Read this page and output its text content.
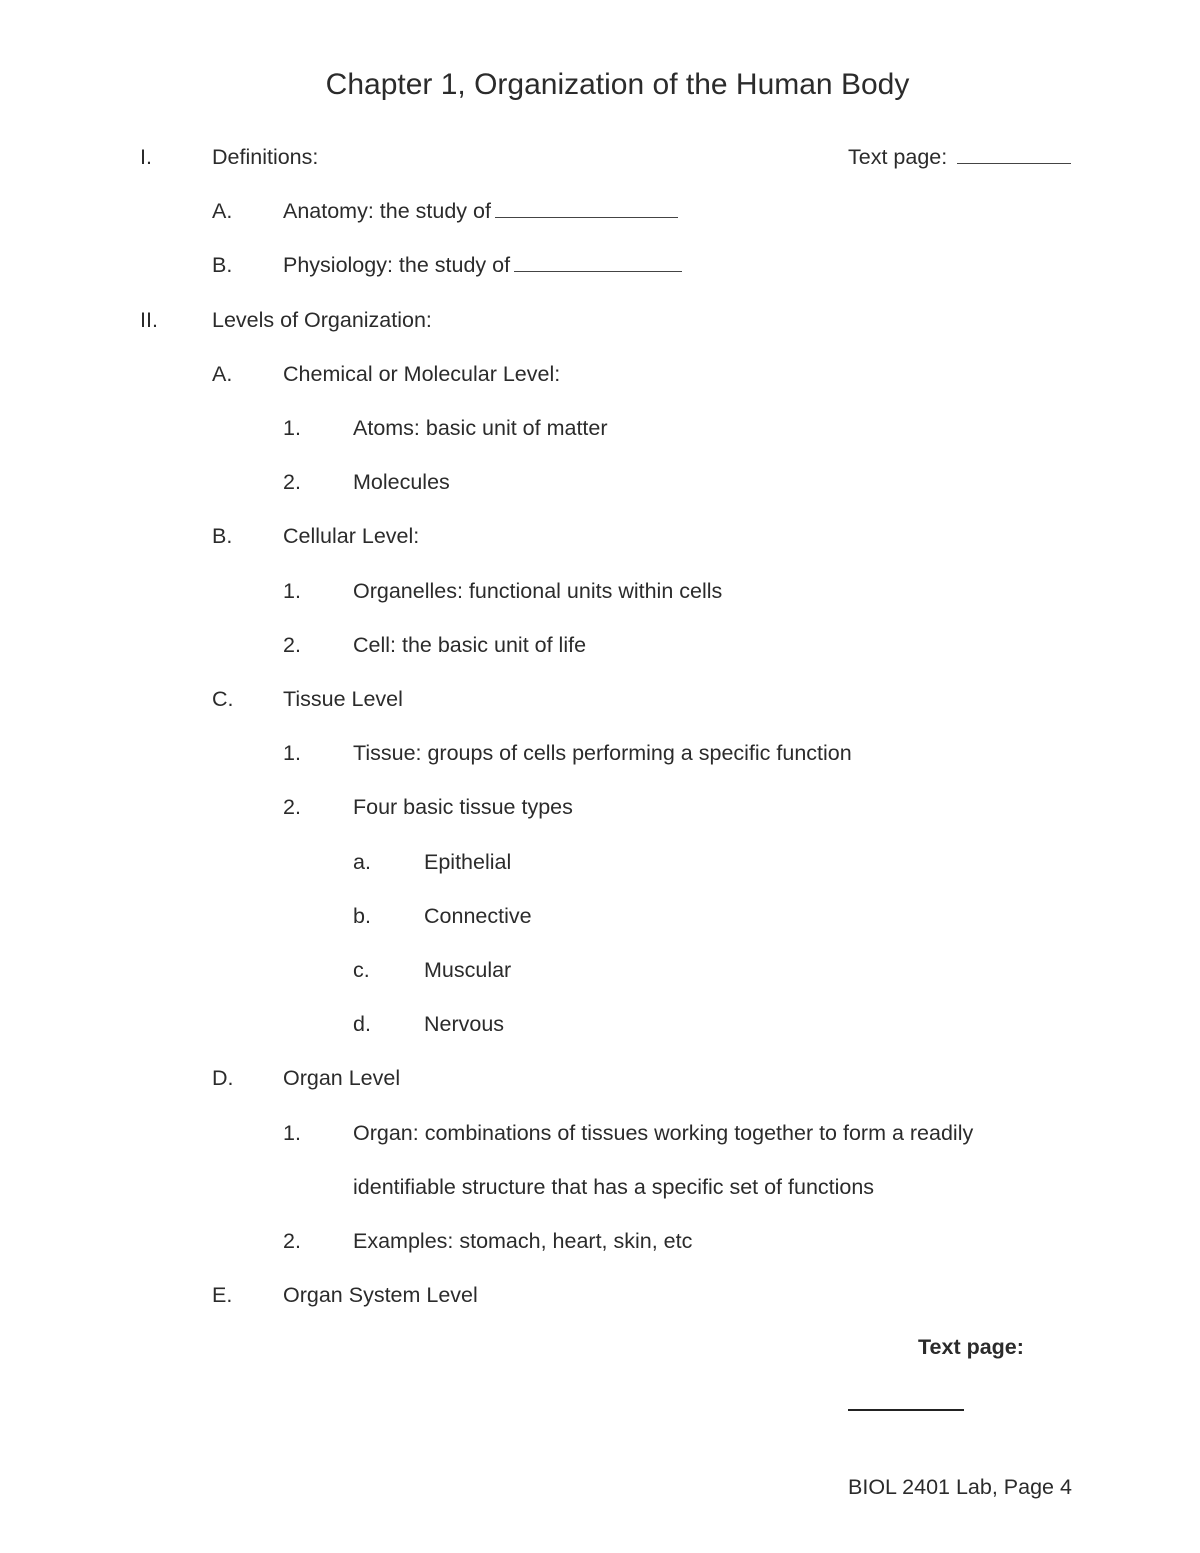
Chapter 1, Organization of the Human Body
Text page:
I.	Definitions:
A. Anatomy: the study of
B. Physiology: the study of
II.	Levels of Organization:
A. Chemical or Molecular Level:
1. Atoms: basic unit of matter
2. Molecules
B. Cellular Level:
1. Organelles: functional units within cells
2. Cell: the basic unit of life
C. Tissue Level
1. Tissue: groups of cells performing a specific function
2. Four basic tissue types
a. Epithelial
b. Connective
c.	Muscular
d. Nervous
D. Organ Level
1. Organ: combinations of tissues working together to form a readily
identifiable structure that has a specific set of functions
2. Examples: stomach, heart, skin, etc
E. Organ System Level
Text page:
BIOL 2401 Lab, Page 4
